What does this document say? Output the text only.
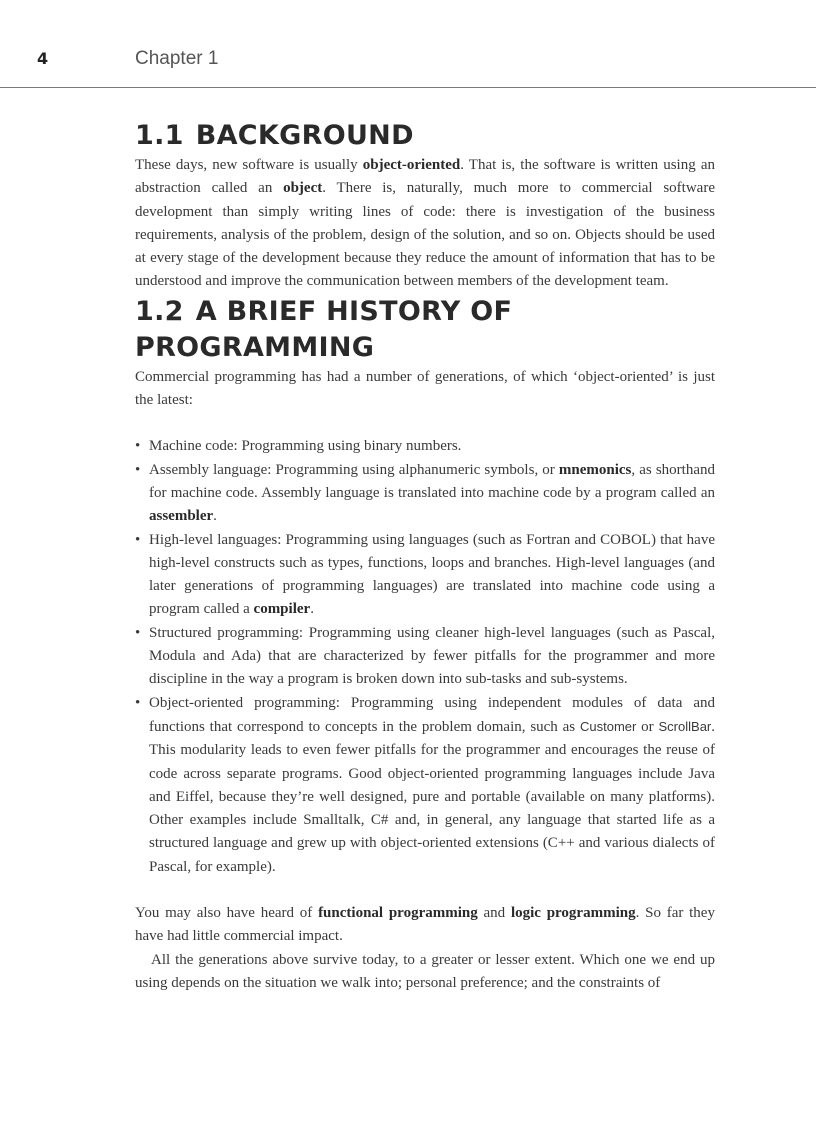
4	Chapter 1
1.1 BACKGROUND

These days, new software is usually object-oriented. That is, the software is written using an abstraction called an object. There is, naturally, much more to commercial software development than simply writing lines of code: there is investigation of the business requirements, analysis of the problem, design of the solution, and so on. Objects should be used at every stage of the development because they reduce the amount of information that has to be understood and improve the communication between members of the development team.

1.2 A BRIEF HISTORY OF PROGRAMMING

Commercial programming has had a number of generations, of which ‘object-oriented’ is just the latest:

• Machine code: Programming using binary numbers.
• Assembly language: Programming using alphanumeric symbols, or mnemonics, as shorthand for machine code. Assembly language is translated into machine code by a program called an assembler.
• High-level languages: Programming using languages (such as Fortran and COBOL) that have high-level constructs such as types, functions, loops and branches. High-level languages (and later generations of programming languages) are translated into machine code using a program called a compiler.
• Structured programming: Programming using cleaner high-level languages (such as Pascal, Modula and Ada) that are characterized by fewer pitfalls for the programmer and more discipline in the way a program is broken down into sub-tasks and sub-systems.
• Object-oriented programming: Programming using independent modules of data and functions that correspond to concepts in the problem domain, such as Customer or ScrollBar. This modularity leads to even fewer pitfalls for the programmer and encourages the reuse of code across separate programs. Good object-oriented programming languages include Java and Eiffel, because they’re well designed, pure and portable (available on many platforms). Other examples include Smalltalk, C# and, in general, any language that started life as a structured language and grew up with object-oriented extensions (C++ and various dialects of Pascal, for example).

You may also have heard of functional programming and logic programming. So far they have had little commercial impact.

All the generations above survive today, to a greater or lesser extent. Which one we end up using depends on the situation we walk into; personal preference; and the constraints of
